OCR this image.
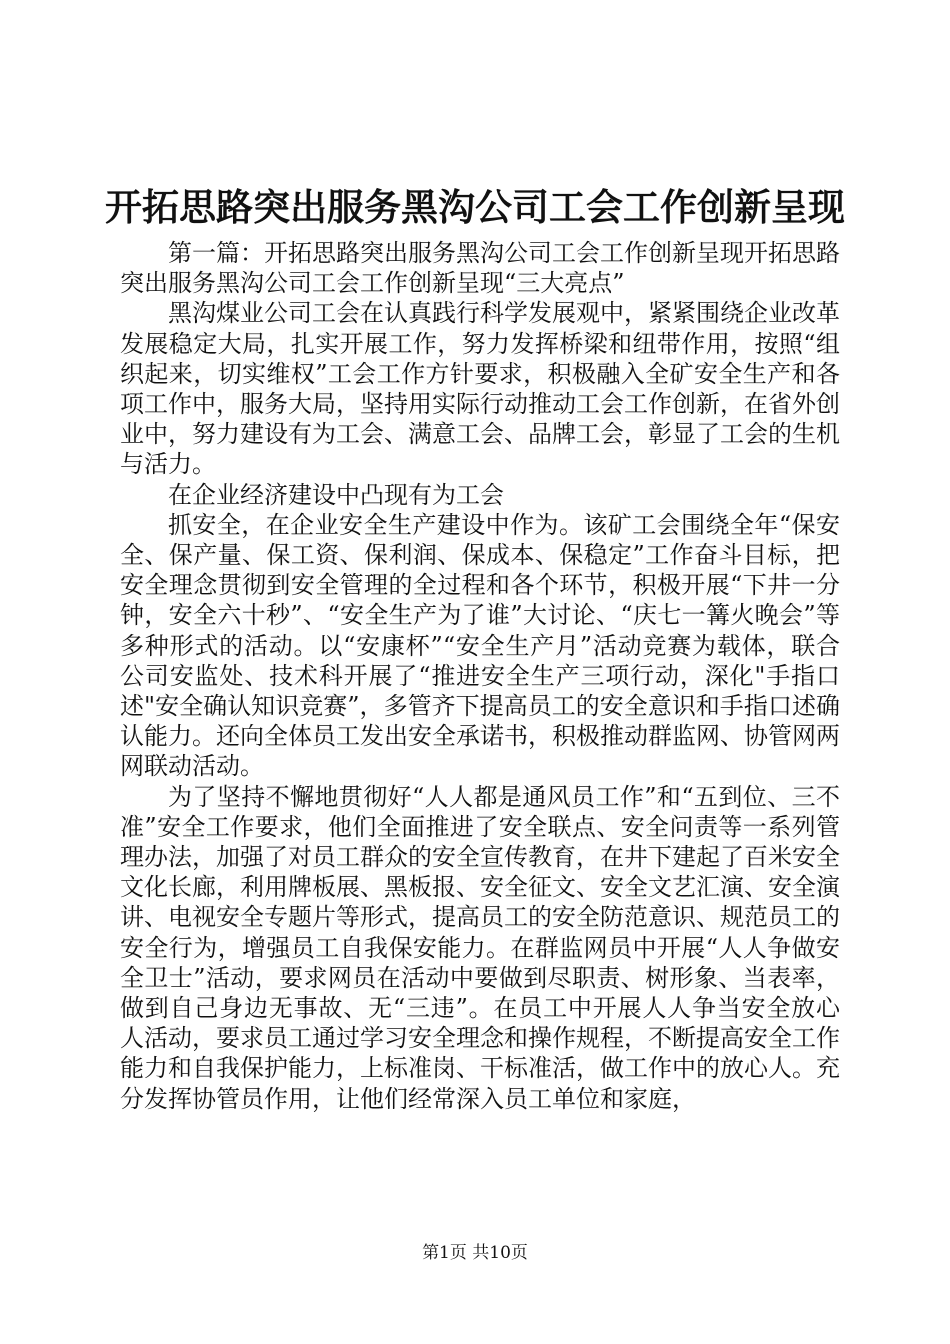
开拓思路突出服务黑沟公司工会工作创新呈现

第一篇：开拓思路突出服务黑沟公司工会工作创新呈现开拓思路突出服务黑沟公司工会工作创新呈现“三大亮点”

黑沟煤业公司工会在认真践行科学发展观中，紧紧围绕企业改革发展稳定大局，扎实开展工作，努力发挥桥梁和纽带作用，按照“组织起来，切实维权”工会工作方针要求，积极融入全矿安全生产和各项工作中，服务大局，坚持用实际行动推动工会工作创新，在省外创业中，努力建设有为工会、满意工会、品牌工会，彰显了工会的生机与活力。

在企业经济建设中凸现有为工会

抓安全，在企业安全生产建设中作为。该矿工会围绕全年“保安全、保产量、保工资、保利润、保成本、保稳定”工作奋斗目标，把安全理念贯彻到安全管理的全过程和各个环节，积极开展“下井一分钟，安全六十秒”、“安全生产为了谁”大讨论、“庆七一篝火晚会”等多种形式的活动。以“安康杯”“安全生产月”活动竞赛为载体，联合公司安监处、技术科开展了“推进安全生产三项行动，深化"手指口述"安全确认知识竞赛”，多管齐下提高员工的安全意识和手指口述确认能力。还向全体员工发出安全承诺书，积极推动群监网、协管网两网联动活动。

为了坚持不懈地贯彻好“人人都是通风员工作”和“五到位、三不准”安全工作要求，他们全面推进了安全联点、安全问责等一系列管理办法，加强了对员工群众的安全宣传教育，在井下建起了百米安全文化长廊，利用牌板展、黑板报、安全征文、安全文艺汇演、安全演讲、电视安全专题片等形式，提高员工的安全防范意识、规范员工的安全行为，增强员工自我保安能力。在群监网员中开展“人人争做安全卫士”活动，要求网员在活动中要做到尽职责、树形象、当表率，做到自己身边无事故、无“三违”。在员工中开展人人争当安全放心人活动，要求员工通过学习安全理念和操作规程，不断提高安全工作能力和自我保护能力，上标准岗、干标准活，做工作中的放心人。充分发挥协管员作用，让他们经常深入员工单位和家庭，

第1页 共10页
